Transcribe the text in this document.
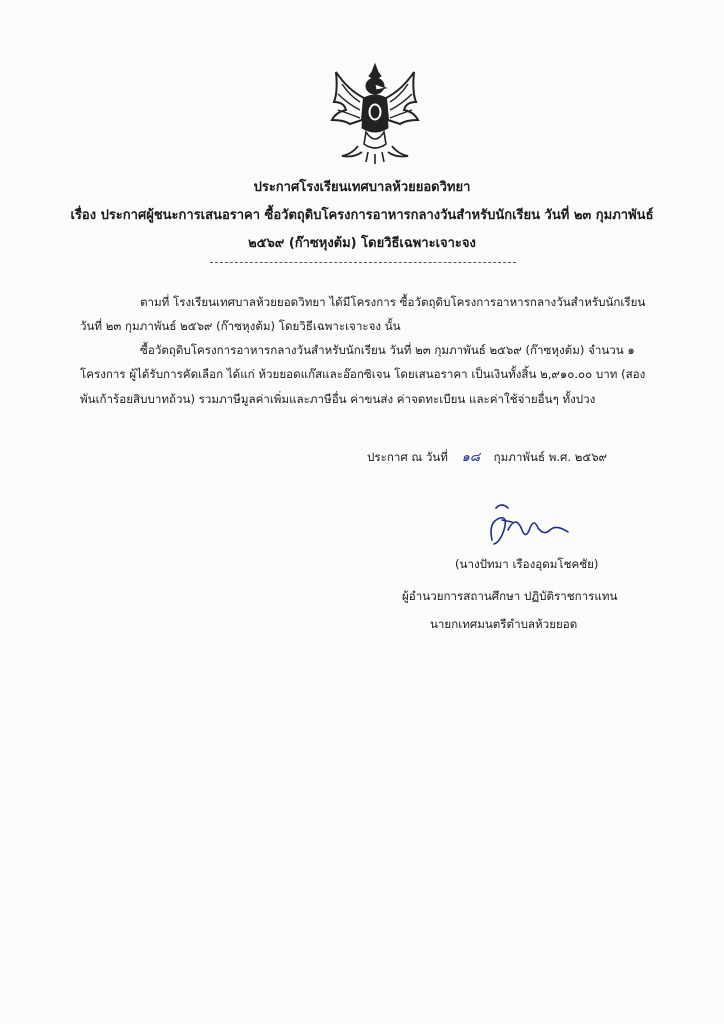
ประกาศโรงเรียนเทศบาลห้วยยอดวิทยา
เรื่อง ประกาศผู้ชนะการเสนอราคา ซื้อวัตถุดิบโครงการอาหารกลางวันสำหรับนักเรียน วันที่ ๒๓ กุมภาพันธ์
๒๕๖๙ (ก๊าซหุงต้ม) โดยวิธีเฉพาะเจาะจง
ตามที่ โรงเรียนเทศบาลห้วยยอดวิทยา ได้มีโครงการ ซื้อวัตถุดิบโครงการอาหารกลางวันสำหรับนักเรียน
วันที่ ๒๓ กุมภาพันธ์ ๒๕๖๙ (ก๊าซหุงต้ม) โดยวิธีเฉพาะเจาะจง นั้น
ซื้อวัตถุดิบโครงการอาหารกลางวันสำหรับนักเรียน วันที่ ๒๓ กุมภาพันธ์ ๒๕๖๙ (ก๊าซหุงต้ม) จำนวน ๑
โครงการ ผู้ได้รับการคัดเลือก ได้แก่ ห้วยยอดแก๊สและอ๊อกซิเจน โดยเสนอราคา เป็นเงินทั้งสิ้น ๒,๙๑๐.๐๐ บาท (สอง
พันเก้าร้อยสิบบาทถ้วน) รวมภาษีมูลค่าเพิ่มและภาษีอื่น ค่าขนส่ง ค่าจดทะเบียน และค่าใช้จ่ายอื่นๆ ทั้งปวง
ประกาศ ณ วันที่ ๑๘ กุมภาพันธ์ พ.ศ. ๒๕๖๙
(นางปัทมา เรืองอุดมโชคชัย)
ผู้อำนวยการสถานศึกษา ปฏิบัติราชการแทน
นายกเทศมนตรีตำบลห้วยยอด
